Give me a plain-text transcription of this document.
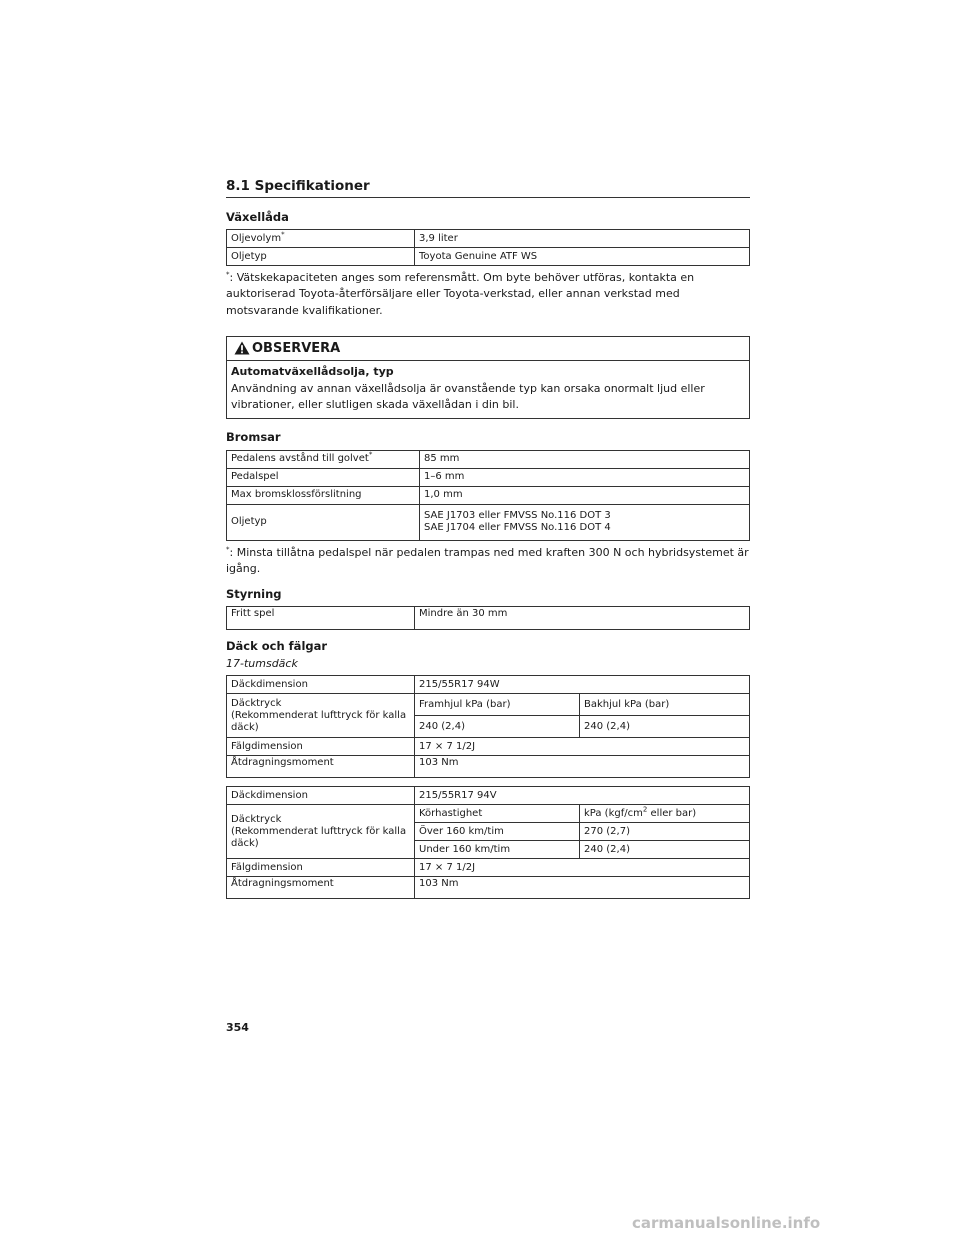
8.1 Specifikationer
Växellåda
Oljevolym*	3,9 liter
Oljetyp	Toyota Genuine ATF WS
*: Vätskekapaciteten anges som referensmått. Om byte behöver utföras, kontakta en auktoriserad Toyota-återförsäljare eller Toyota-verkstad, eller annan verkstad med motsvarande kvalifikationer.
OBSERVERA
Automatväxellådsolja, typ
Användning av annan växellådsolja är ovanstående typ kan orsaka onormalt ljud eller vibrationer, eller slutligen skada växellådan i din bil.
Bromsar
Pedalens avstånd till golvet*	85 mm
Pedalspel	1–6 mm
Max bromsklossförslitning	1,0 mm
Oljetyp	SAE J1703 eller FMVSS No.116 DOT 3
SAE J1704 eller FMVSS No.116 DOT 4
*: Minsta tillåtna pedalspel när pedalen trampas ned med kraften 300 N och hybridsystemet är igång.
Styrning
Fritt spel	Mindre än 30 mm
Däck och fälgar
17-tumsdäck
Däckdimension	215/55R17 94W	
Däcktryck
(Rekommenderat lufttryck för kalla däck)	Framhjul kPa (bar)	Bakhjul kPa (bar)
	240 (2,4)	240 (2,4)
Fälgdimension	17 × 7 1/2J	
Åtdragningsmoment	103 Nm	
Däckdimension	215/55R17 94V	
Däcktryck
(Rekommenderat lufttryck för kalla däck)	Körhastighet	kPa ($kgf/cm^2$ eller bar)
	Över 160 km/tim	270 (2,7)
	Under 160 km/tim	240 (2,4)
Fälgdimension	17 × 7 1/2J	
Åtdragningsmoment	103 Nm	
354
carmanualsonline.info
